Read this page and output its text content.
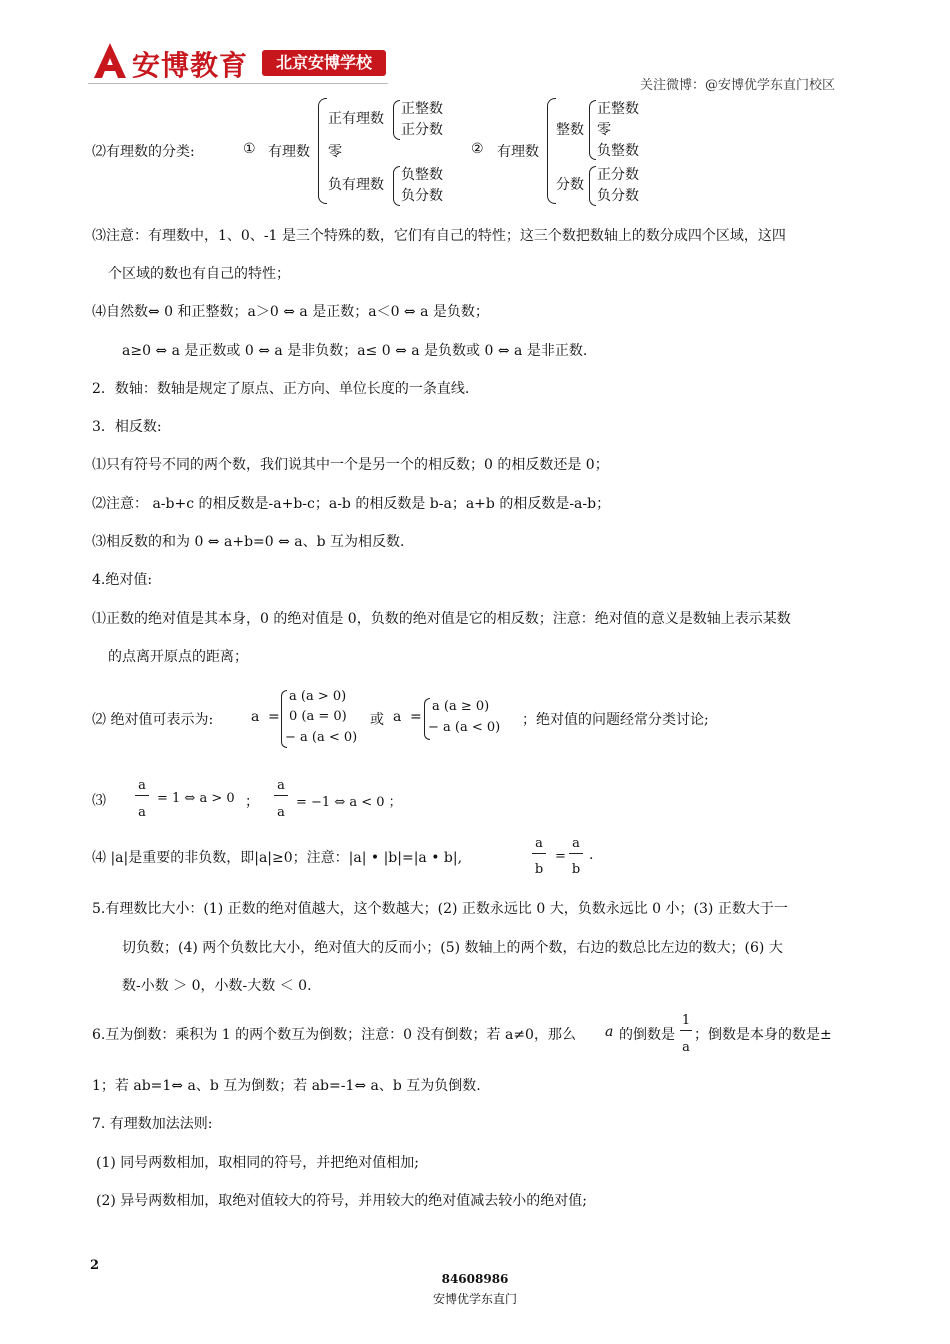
安博教育	北京安博学校
关注微博：@安博优学东直门校区
⑵有理数的分类:	① 有理数
正有理数
正整数
正分数
零
负有理数
负整数
负分数
② 有理数
整数
正整数
零
负整数
分数
正分数
负分数
⑶注意：有理数中，1、0、-1 是三个特殊的数，它们有自己的特性；这三个数把数轴上的数分成四个区域，这四
个区域的数也有自己的特性；
⑷自然数⇔ 0 和正整数；a＞0 ⇔ a 是正数；a＜0 ⇔ a 是负数；
a≥0 ⇔ a 是正数或 0 ⇔ a 是非负数；a≤ 0 ⇔ a 是负数或 0 ⇔ a 是非正数.
2．数轴：数轴是规定了原点、正方向、单位长度的一条直线.
3．相反数:
⑴只有符号不同的两个数，我们说其中一个是另一个的相反数；0 的相反数还是 0；
⑵注意： a-b+c 的相反数是-a+b-c；a-b 的相反数是 b-a；a+b 的相反数是-a-b；
⑶相反数的和为 0 ⇔ a+b=0 ⇔ a、b 互为相反数.
4.绝对值:
⑴正数的绝对值是其本身，0 的绝对值是 0，负数的绝对值是它的相反数；注意：绝对值的意义是数轴上表示某数
的点离开原点的距离；
⑵ 绝对值可表示为:	a =
a (a > 0)
0 (a = 0)
− a (a < 0)
或 a =
a (a ≥ 0)
− a (a < 0) ；绝对值的问题经常分类讨论;
⑶
a
a
= 1 ⇔ a > 0 ；
a
a
= −1 ⇔ a < 0 ；
⑷ |a|是重要的非负数，即|a|≥0；注意：|a| • |b|=|a • b|,
a
b
=
a
b
.
5.有理数比大小：(1) 正数的绝对值越大，这个数越大；(2) 正数永远比 0 大，负数永远比 0 小；(3) 正数大于一
切负数；(4) 两个负数比大小，绝对值大的反而小；(5) 数轴上的两个数，右边的数总比左边的数大；(6) 大
数-小数 ＞ 0，小数-大数 ＜ 0.
6.互为倒数：乘积为 1 的两个数互为倒数；注意：0 没有倒数；若 a≠0，那么 a 的倒数是
1
a
；倒数是本身的数是±
1；若 ab=1⇔ a、b 互为倒数；若 ab=-1⇔ a、b 互为负倒数.
7. 有理数加法法则:
(1) 同号两数相加，取相同的符号，并把绝对值相加;
(2) 异号两数相加，取绝对值较大的符号，并用较大的绝对值减去较小的绝对值;
2
84608986
安博优学东直门
